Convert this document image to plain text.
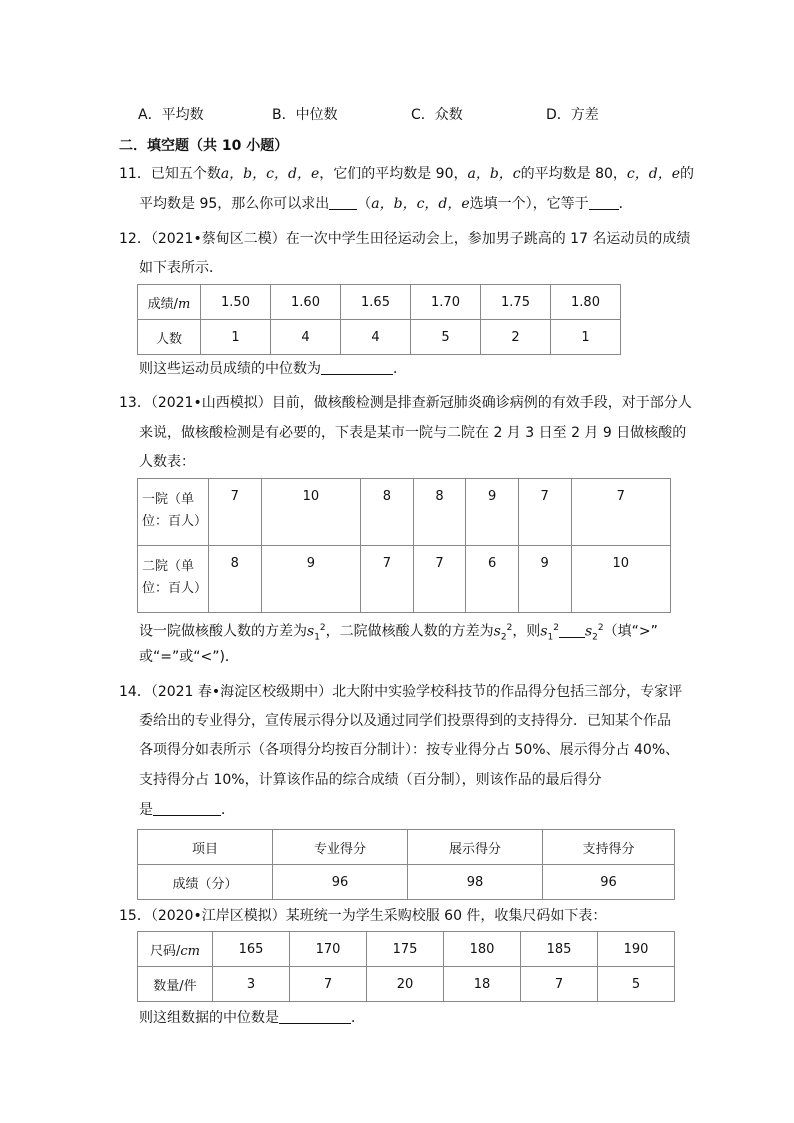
A．平均数	B．中位数	C．众数	D．方差
二．填空题（共 10 小题）
11．已知五个数a，b，c，d，e，它们的平均数是 90，a，b，c的平均数是 80，c，d，e的
平均数是 95，那么你可以求出 （a，b，c，d，e选填一个），它等于 ．
12．（2021•蔡甸区二模）在一次中学生田径运动会上，参加男子跳高的 17 名运动员的成绩
如下表所示．
成绩/m	1.50	1.60	1.65	1.70	1.75	1.80
人数	1	4	4	5	2	1
则这些运动员成绩的中位数为	．
13．（2021•山西模拟）目前，做核酸检测是排查新冠肺炎确诊病例的有效手段，对于部分人
来说，做核酸检测是有必要的，下表是某市一院与二院在 2 月 3 日至 2 月 9 日做核酸的
人数表：
一院（单
位：百人）	7	10	8	8	9	7	7
二院（单
位：百人）	8	9	7	7	6	9	10
设一院做核酸人数的方差为$s_1^2$，二院做核酸人数的方差为$s_2^2$，则$s_1^2$ $s_2^2$（填“>”
或“=”或“<”)．
14．（2021 春•海淀区校级期中）北大附中实验学校科技节的作品得分包括三部分，专家评
委给出的专业得分，宣传展示得分以及通过同学们投票得到的支持得分．已知某个作品
各项得分如表所示（各项得分均按百分制计）：按专业得分占 50%、展示得分占 40%、
支持得分占 10%，计算该作品的综合成绩（百分制），则该作品的最后得分
是	．
项目	专业得分	展示得分	支持得分
成绩（分）	96	98	96
15．（2020•江岸区模拟）某班统一为学生采购校服 60 件，收集尺码如下表：
尺码/cm	165	170	175	180	185	190
数量/件	3	7	20	18	7	5
则这组数据的中位数是	．
